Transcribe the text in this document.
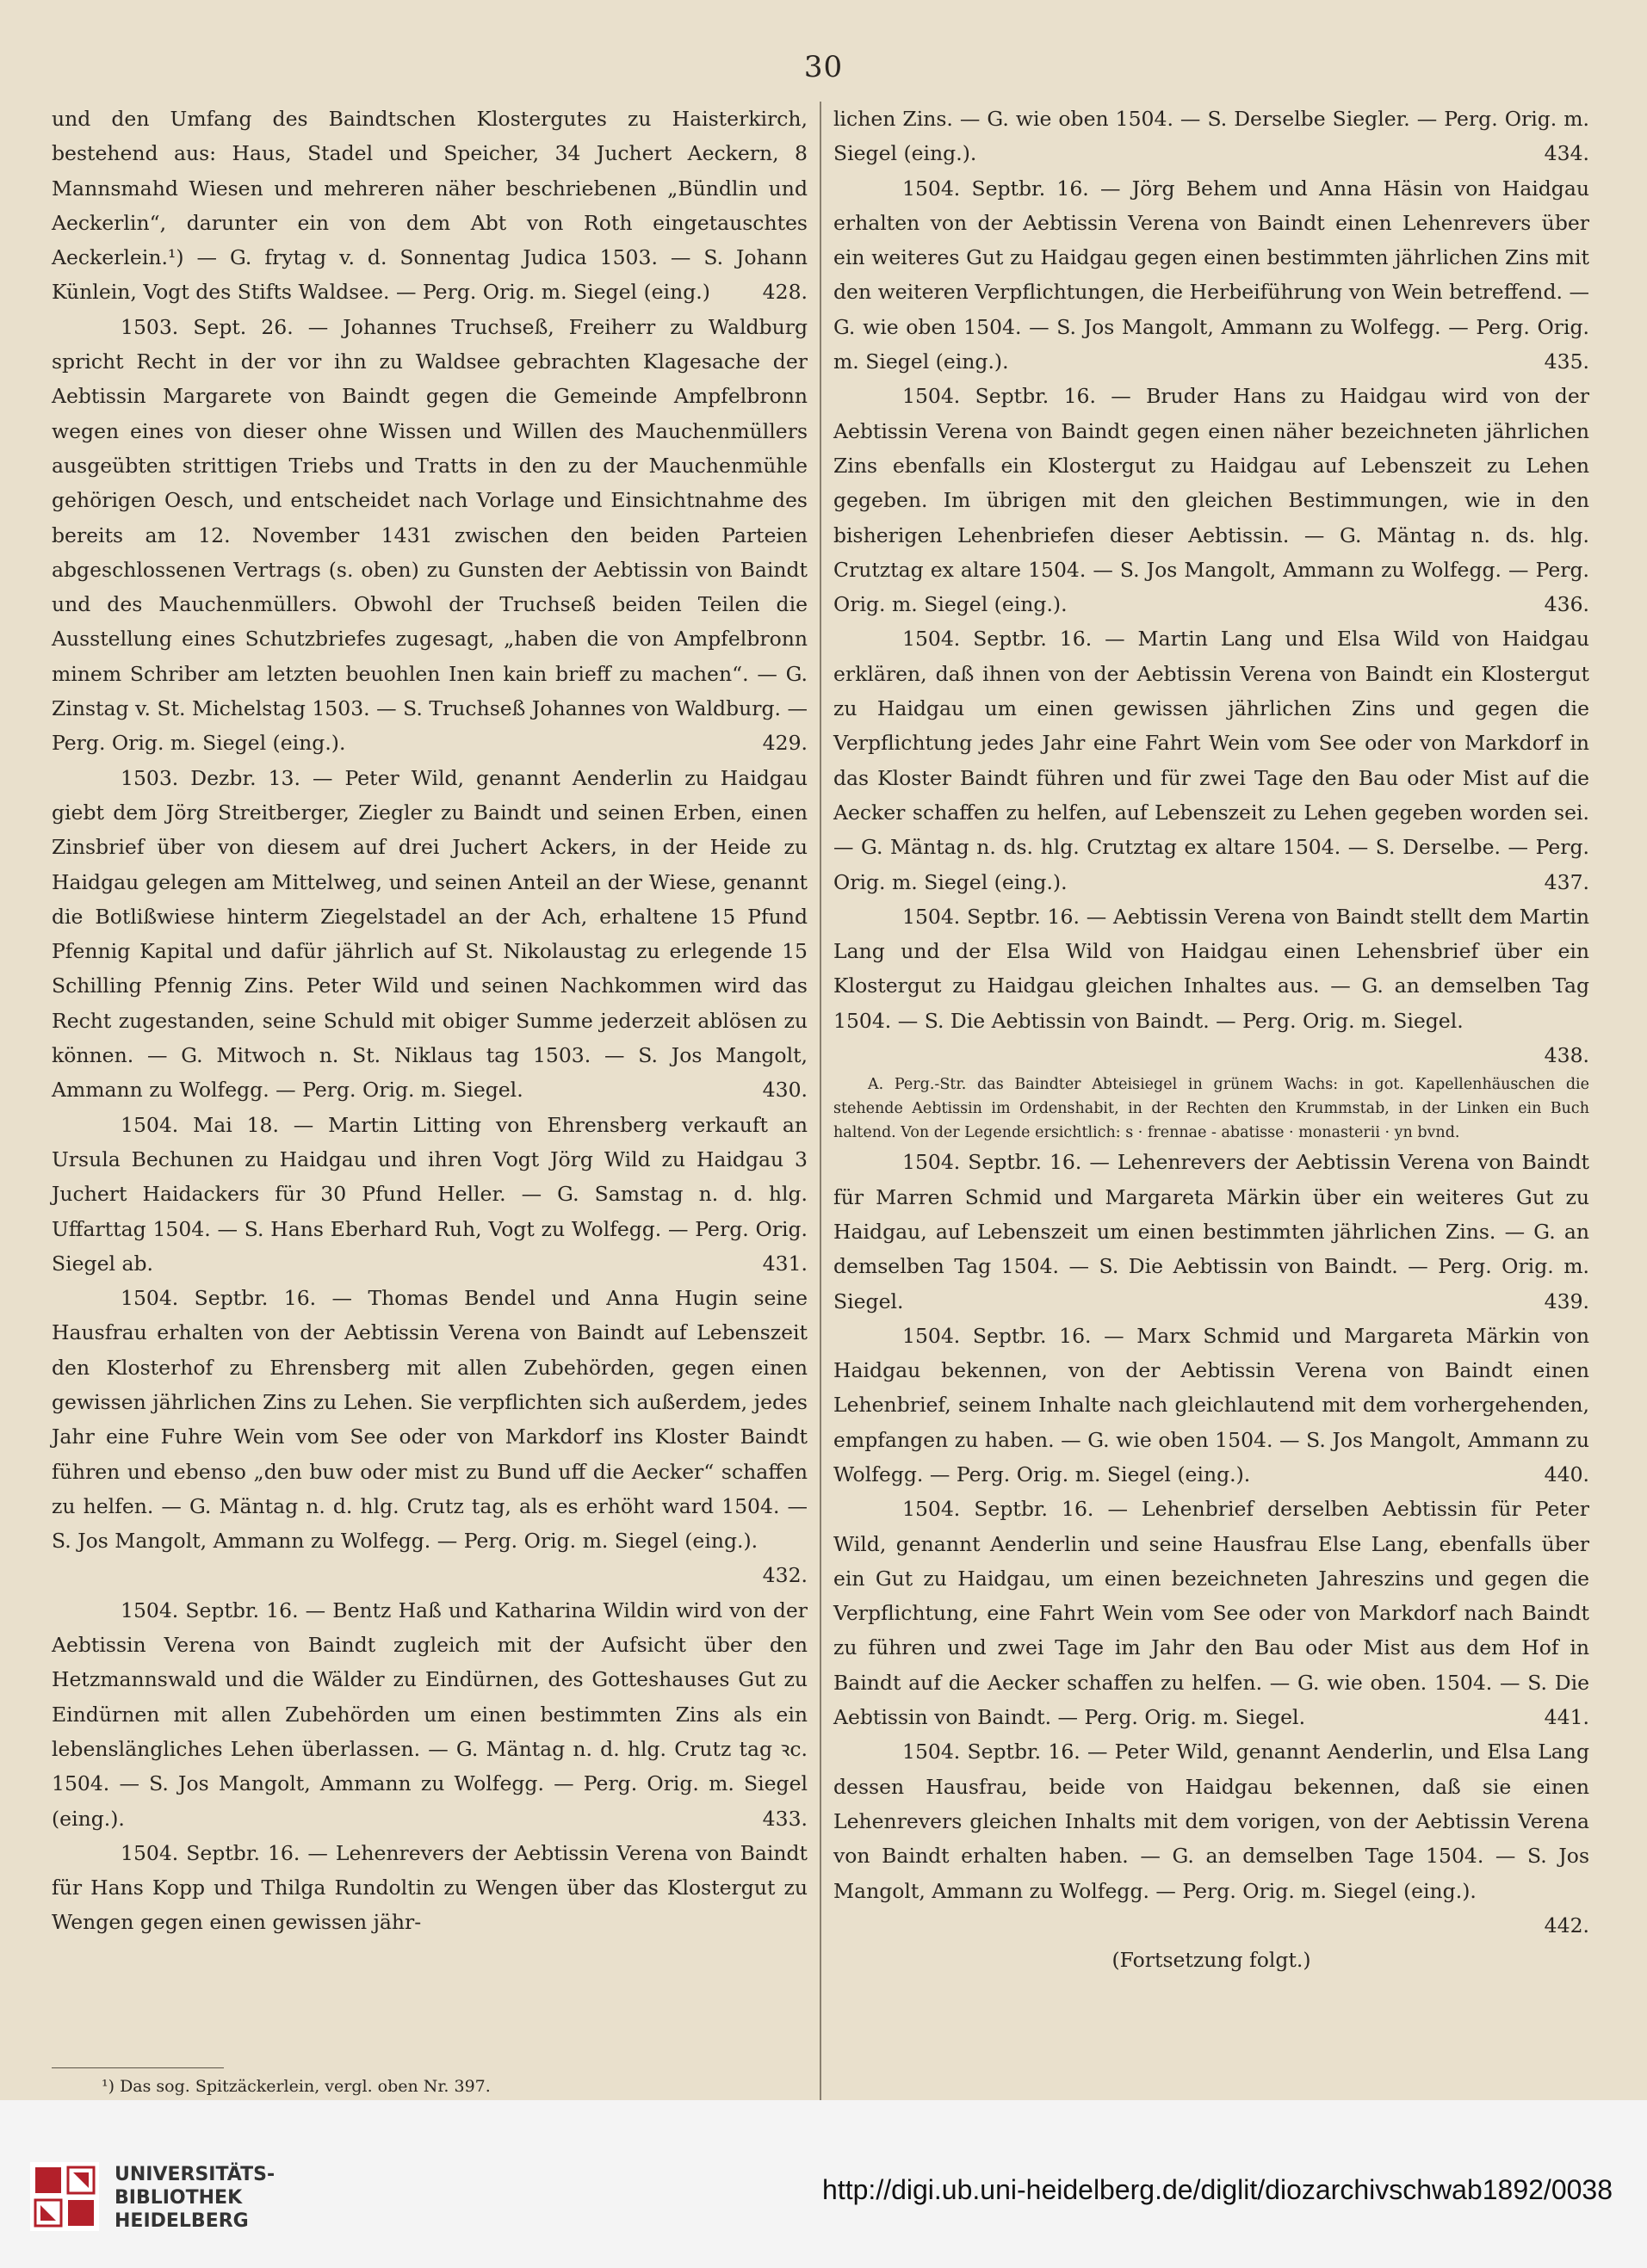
30

und den Umfang des Baindtschen Klostergutes zu Haisterkirch, bestehend aus: Haus, Stadel und Speicher, 34 Juchert Aeckern, 8 Mannsmahd Wiesen und mehreren näher beschriebenen „Bündlin und Aeckerlin“, darunter ein von dem Abt von Roth eingetauschtes Aeckerlein.¹) — G. frytag v. d. Sonnentag Judica 1503. — S. Johann Künlein, Vogt des Stifts Waldsee. — Perg. Orig. m. Siegel (eing.)	428.

1503. Sept. 26. — Johannes Truchseß, Freiherr zu Waldburg spricht Recht in der vor ihn zu Waldsee gebrachten Klagesache der Aebtissin Margarete von Baindt gegen die Gemeinde Ampfelbronn wegen eines von dieser ohne Wissen und Willen des Mauchenmüllers ausgeübten strittigen Triebs und Tratts in den zu der Mauchenmühle gehörigen Oesch, und entscheidet nach Vorlage und Einsichtnahme des bereits am 12. November 1431 zwischen den beiden Parteien abgeschlossenen Vertrags (s. oben) zu Gunsten der Aebtissin von Baindt und des Mauchenmüllers. Obwohl der Truchseß beiden Teilen die Ausstellung eines Schutzbriefes zugesagt, „haben die von Ampfelbronn minem Schriber am letzten beuohlen Inen kain brieff zu machen“. — G. Zinstag v. St. Michelstag 1503. — S. Truchseß Johannes von Waldburg. — Perg. Orig. m. Siegel (eing.).	429.

1503. Dezbr. 13. — Peter Wild, genannt Aenderlin zu Haidgau giebt dem Jörg Streitberger, Ziegler zu Baindt und seinen Erben, einen Zinsbrief über von diesem auf drei Juchert Ackers, in der Heide zu Haidgau gelegen am Mittelweg, und seinen Anteil an der Wiese, genannt die Botlißwiese hinterm Ziegelstadel an der Ach, erhaltene 15 Pfund Pfennig Kapital und dafür jährlich auf St. Nikolaustag zu erlegende 15 Schilling Pfennig Zins. Peter Wild und seinen Nachkommen wird das Recht zugestanden, seine Schuld mit obiger Summe jederzeit ablösen zu können. — G. Mitwoch n. St. Niklaus tag 1503. — S. Jos Mangolt, Ammann zu Wolfegg. — Perg. Orig. m. Siegel.	430.

1504. Mai 18. — Martin Litting von Ehrensberg verkauft an Ursula Bechunen zu Haidgau und ihren Vogt Jörg Wild zu Haidgau 3 Juchert Haidackers für 30 Pfund Heller. — G. Samstag n. d. hlg. Uffarttag 1504. — S. Hans Eberhard Ruh, Vogt zu Wolfegg. — Perg. Orig. Siegel ab.	431.

1504. Septbr. 16. — Thomas Bendel und Anna Hugin seine Hausfrau erhalten von der Aebtissin Verena von Baindt auf Lebenszeit den Klosterhof zu Ehrensberg mit allen Zubehörden, gegen einen gewissen jährlichen Zins zu Lehen. Sie verpflichten sich außerdem, jedes Jahr eine Fuhre Wein vom See oder von Markdorf ins Kloster Baindt führen und ebenso „den buw oder mist zu Bund uff die Aecker“ schaffen zu helfen. — G. Mäntag n. d. hlg. Crutz tag, als es erhöht ward 1504. — S. Jos Mangolt, Ammann zu Wolfegg. — Perg. Orig. m. Siegel (eing.).
432.

1504. Septbr. 16. — Bentz Haß und Katharina Wildin wird von der Aebtissin Verena von Baindt zugleich mit der Aufsicht über den Hetzmannswald und die Wälder zu Eindürnen, des Gotteshauses Gut zu Eindürnen mit allen Zubehörden um einen bestimmten Zins als ein lebenslängliches Lehen überlassen. — G. Mäntag n. d. hlg. Crutz tag ꝛc. 1504. — S. Jos Mangolt, Ammann zu Wolfegg. — Perg. Orig. m. Siegel (eing.).	433.

1504. Septbr. 16. — Lehenrevers der Aebtissin Verena von Baindt für Hans Kopp und Thilga Rundoltin zu Wengen über das Klostergut zu Wengen gegen einen gewissen jähr-

lichen Zins. — G. wie oben 1504. — S. Derselbe Siegler. — Perg. Orig. m. Siegel (eing.).	434.

1504. Septbr. 16. — Jörg Behem und Anna Häsin von Haidgau erhalten von der Aebtissin Verena von Baindt einen Lehenrevers über ein weiteres Gut zu Haidgau gegen einen bestimmten jährlichen Zins mit den weiteren Verpflichtungen, die Herbeiführung von Wein betreffend. — G. wie oben 1504. — S. Jos Mangolt, Ammann zu Wolfegg. — Perg. Orig. m. Siegel (eing.).	435.

1504. Septbr. 16. — Bruder Hans zu Haidgau wird von der Aebtissin Verena von Baindt gegen einen näher bezeichneten jährlichen Zins ebenfalls ein Klostergut zu Haidgau auf Lebenszeit zu Lehen gegeben. Im übrigen mit den gleichen Bestimmungen, wie in den bisherigen Lehenbriefen dieser Aebtissin. — G. Mäntag n. ds. hlg. Crutztag ex altare 1504. — S. Jos Mangolt, Ammann zu Wolfegg. — Perg. Orig. m. Siegel (eing.).	436.

1504. Septbr. 16. — Martin Lang und Elsa Wild von Haidgau erklären, daß ihnen von der Aebtissin Verena von Baindt ein Klostergut zu Haidgau um einen gewissen jährlichen Zins und gegen die Verpflichtung jedes Jahr eine Fahrt Wein vom See oder von Markdorf in das Kloster Baindt führen und für zwei Tage den Bau oder Mist auf die Aecker schaffen zu helfen, auf Lebenszeit zu Lehen gegeben worden sei. — G. Mäntag n. ds. hlg. Crutztag ex altare 1504. — S. Derselbe. — Perg. Orig. m. Siegel (eing.).	437.

1504. Septbr. 16. — Aebtissin Verena von Baindt stellt dem Martin Lang und der Elsa Wild von Haidgau einen Lehensbrief über ein Klostergut zu Haidgau gleichen Inhaltes aus. — G. an demselben Tag 1504. — S. Die Aebtissin von Baindt. — Perg. Orig. m. Siegel.
438.

A. Perg.-Str. das Baindter Abteisiegel in grünem Wachs: in got. Kapellenhäuschen die stehende Aebtissin im Ordenshabit, in der Rechten den Krummstab, in der Linken ein Buch haltend. Von der Legende ersichtlich: s · frennae - abatisse · monasterii · yn bvnd.

1504. Septbr. 16. — Lehenrevers der Aebtissin Verena von Baindt für Marren Schmid und Margareta Märkin über ein weiteres Gut zu Haidgau, auf Lebenszeit um einen bestimmten jährlichen Zins. — G. an demselben Tag 1504. — S. Die Aebtissin von Baindt. — Perg. Orig. m. Siegel.	439.

1504. Septbr. 16. — Marx Schmid und Margareta Märkin von Haidgau bekennen, von der Aebtissin Verena von Baindt einen Lehenbrief, seinem Inhalte nach gleichlautend mit dem vorhergehenden, empfangen zu haben. — G. wie oben 1504. — S. Jos Mangolt, Ammann zu Wolfegg. — Perg. Orig. m. Siegel (eing.).	440.

1504. Septbr. 16. — Lehenbrief derselben Aebtissin für Peter Wild, genannt Aenderlin und seine Hausfrau Else Lang, ebenfalls über ein Gut zu Haidgau, um einen bezeichneten Jahreszins und gegen die Verpflichtung, eine Fahrt Wein vom See oder von Markdorf nach Baindt zu führen und zwei Tage im Jahr den Bau oder Mist aus dem Hof in Baindt auf die Aecker schaffen zu helfen. — G. wie oben. 1504. — S. Die Aebtissin von Baindt. — Perg. Orig. m. Siegel.	441.

1504. Septbr. 16. — Peter Wild, genannt Aenderlin, und Elsa Lang dessen Hausfrau, beide von Haidgau bekennen, daß sie einen Lehenrevers gleichen Inhalts mit dem vorigen, von der Aebtissin Verena von Baindt erhalten haben. — G. an demselben Tage 1504. — S. Jos Mangolt, Ammann zu Wolfegg. — Perg. Orig. m. Siegel (eing.).
442.

(Fortsetzung folgt.)

¹) Das sog. Spitzäckerlein, vergl. oben Nr. 397.
UNIVERSITÄTS-
BIBLIOTHEK
HEIDELBERG
http://digi.ub.uni-heidelberg.de/diglit/diozarchivschwab1892/0038
